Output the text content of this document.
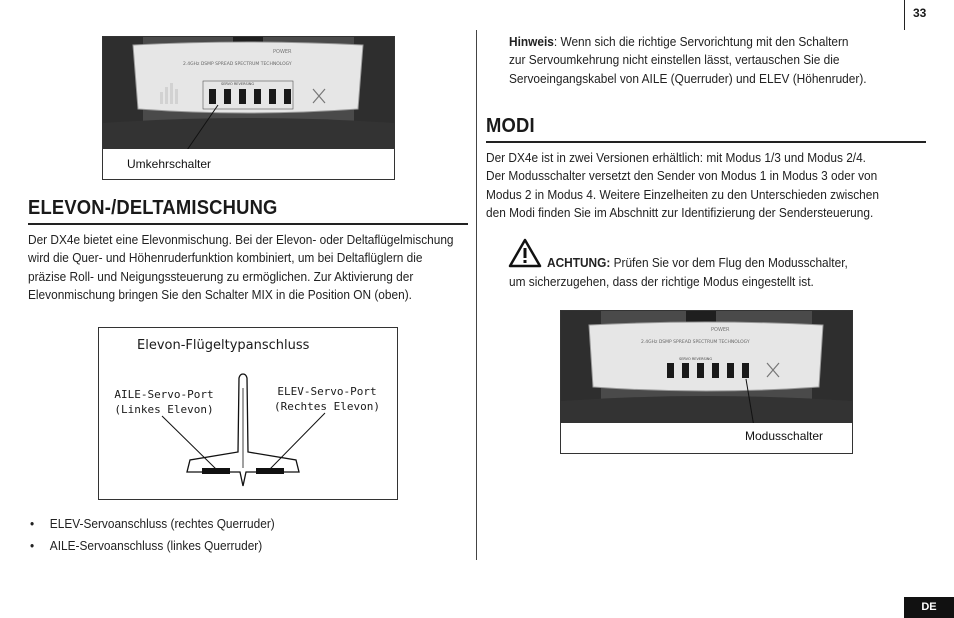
33
POWER
2.4GHz DSMP SPREAD SPECTRUM TECHNOLOGY
SERVO REVERSING
Umkehrschalter
ELEVON-/DELTAMISCHUNG

Der DX4e bietet eine Elevonmischung. Bei der Elevon- oder Deltaflügelmischung

wird die Quer- und Höhenruderfunktion kombiniert, um bei Deltaflüglern die

präzise Roll- und Neigungssteuerung zu ermöglichen. Zur Aktivierung der

Elevonmischung bringen Sie den Schalter MIX in die Position ON (oben).

Elevon-Flügeltypanschluss
AILE-Servo-Port
(Linkes Elevon)
ELEV-Servo-Port
(Rechtes Elevon)
• ELEV-Servoanschluss (rechtes Querruder)
• AILE-Servoanschluss (linkes Querruder)

Hinweis: Wenn sich die richtige Servorichtung mit den Schaltern

zur Servoumkehrung nicht einstellen lässt, vertauschen Sie die

Servoeingangskabel von AILE (Querruder) und ELEV (Höhenruder).

MODI

Der DX4e ist in zwei Versionen erhältlich: mit Modus 1/3 und Modus 2/4.

Der Modusschalter versetzt den Sender von Modus 1 in Modus 3 oder von

Modus 2 in Modus 4. Weitere Einzelheiten zu den Unterschieden zwischen

den Modi finden Sie im Abschnitt zur Identifizierung der Sendersteuerung.

ACHTUNG: Prüfen Sie vor dem Flug den Modusschalter,

um sicherzugehen, dass der richtige Modus eingestellt ist.

POWER
2.4GHz DSMP SPREAD SPECTRUM TECHNOLOGY
SERVO REVERSING
Modusschalter
DE
